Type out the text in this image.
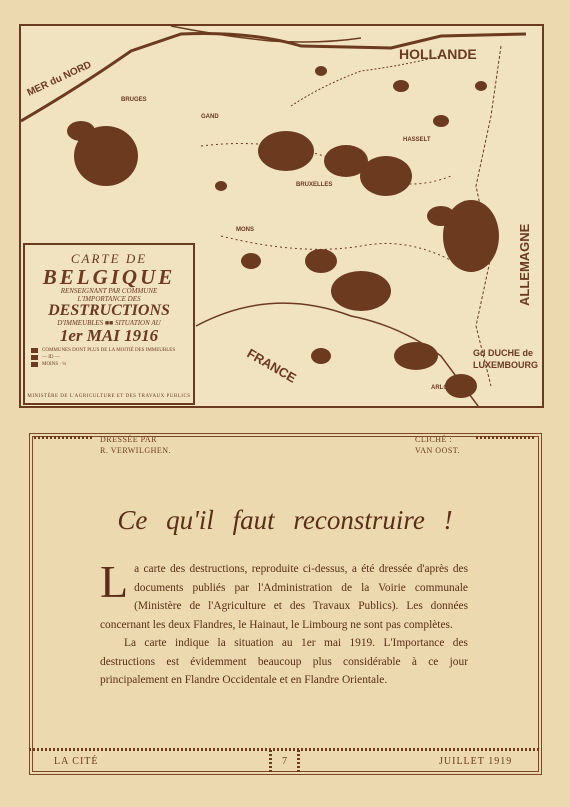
MER du NORD
HOLLANDE
ALLEMAGNE
FRANCE	Gd DUCHE de
LUXEMBOURG
BRUGES
GAND
BRUXELLES
HASSELT
MONS
ARLON
CARTE DE
BELGIQUE
RENSEIGNANT PAR COMMUNE
L'IMPORTANCE DES
DESTRUCTIONS
D'IMMEUBLES ■■ SITUATION AU
1er MAI 1916
COMMUNES DONT PLUS DE LA MOITIÉ DES IMMEUBLES
— ID —
MOINS · ¼
MINISTÈRE DE L'AGRICULTURE ET DES TRAVAUX PUBLICS
DRESSÉE PAR
R. VERWILGHEN.
CLICHÉ :
VAN OOST.
Ce qu'il faut reconstruire !

La carte des destructions, reproduite ci-dessus, a été dressée d'après des documents publiés par l'Administration de la Voirie communale (Ministère de l'Agriculture et des Travaux Publics). Les données concernant les deux Flandres, le Hainaut, le Limbourg ne sont pas complètes.

La carte indique la situation au 1er mai 1919. L'Importance des destructions est évidemment beaucoup plus considérable à ce jour principalement en Flandre Occidentale et en Flandre Orientale.

LA CITÉ	7	JUILLET 1919
